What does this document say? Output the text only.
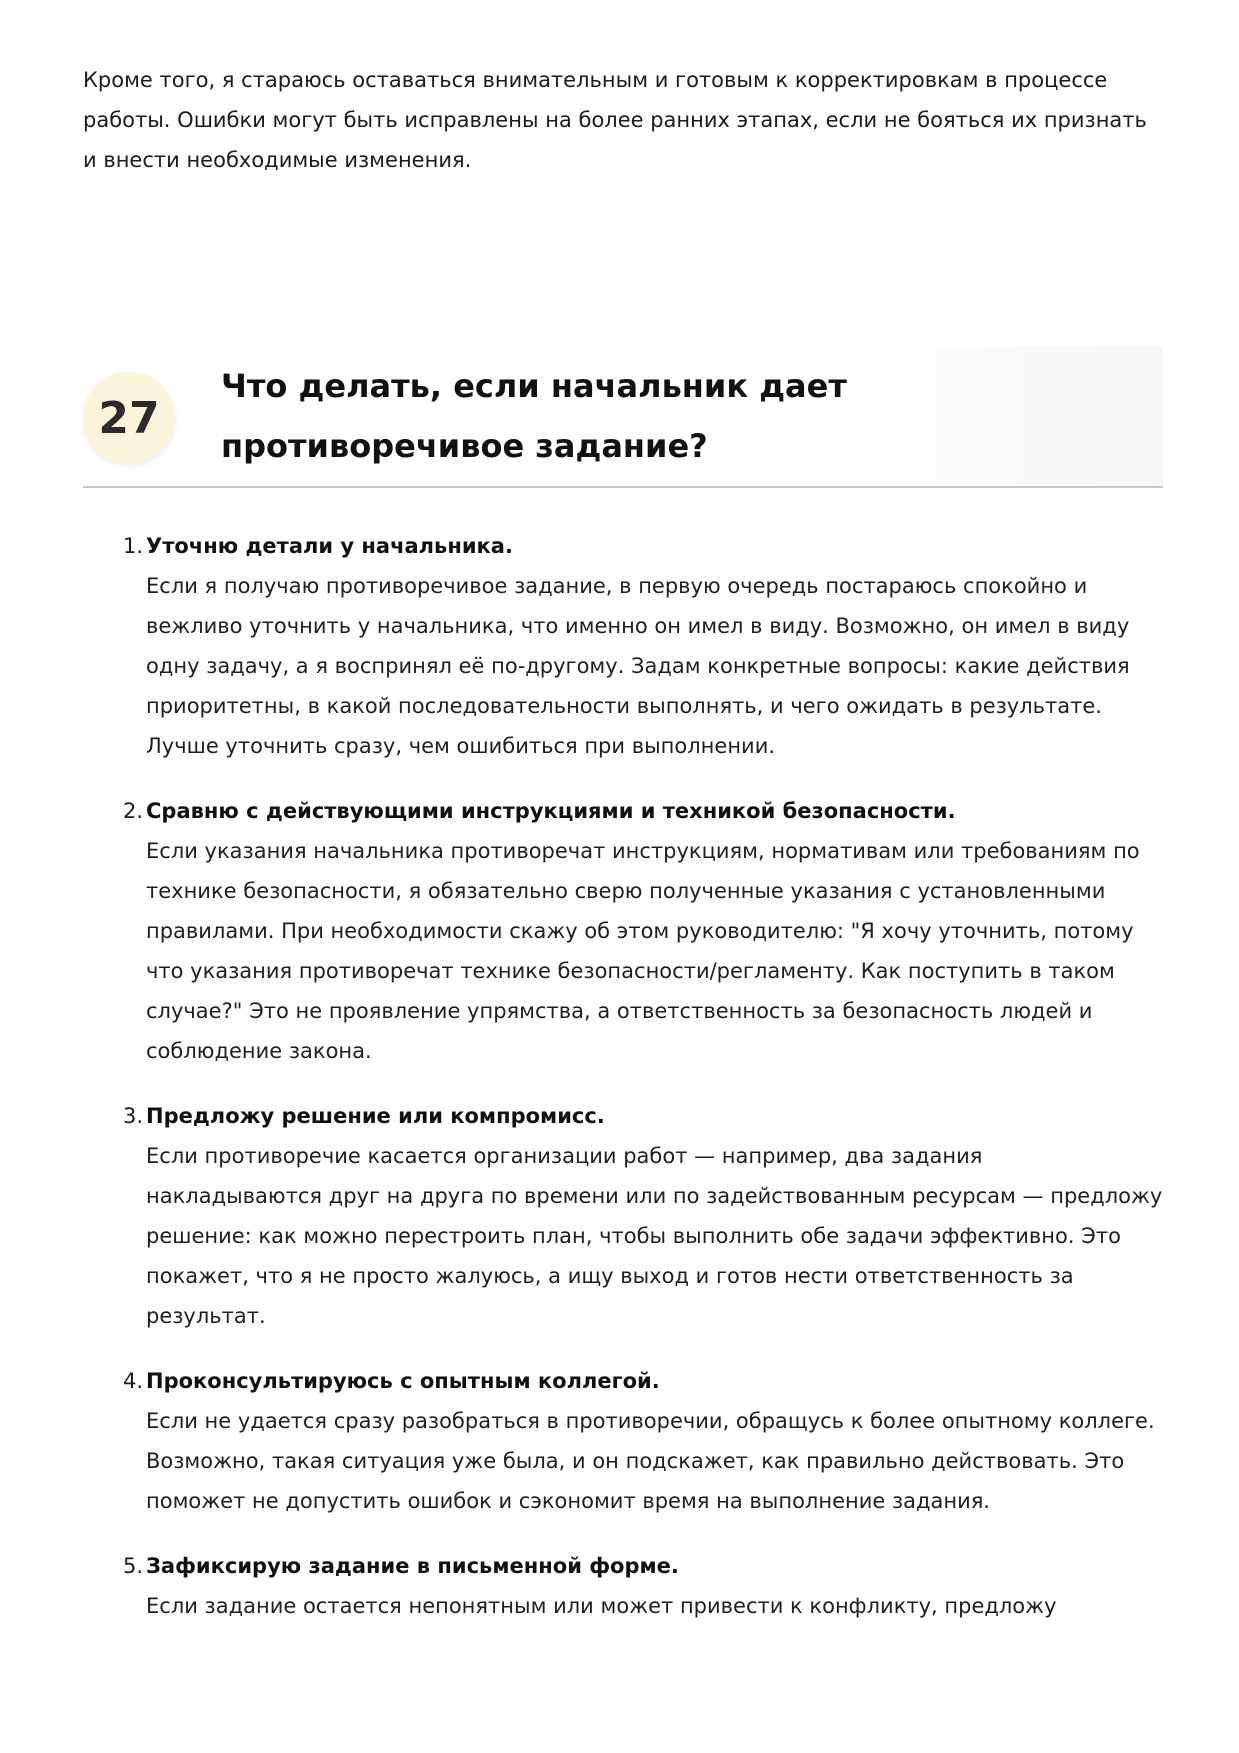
Кроме того, я стараюсь оставаться внимательным и готовым к корректировкам в процессе работы. Ошибки могут быть исправлены на более ранних этапах, если не бояться их признать и внести необходимые изменения.

27
Что делать, если начальник дает противоречивое задание?
1. Уточню детали у начальника.
Если я получаю противоречивое задание, в первую очередь постараюсь спокойно и вежливо уточнить у начальника, что именно он имел в виду. Возможно, он имел в виду одну задачу, а я воспринял её по-другому. Задам конкретные вопросы: какие действия приоритетны, в какой последовательности выполнять, и чего ожидать в результате. Лучше уточнить сразу, чем ошибиться при выполнении.
2. Сравню с действующими инструкциями и техникой безопасности.
Если указания начальника противоречат инструкциям, нормативам или требованиям по технике безопасности, я обязательно сверю полученные указания с установленными правилами. При необходимости скажу об этом руководителю: "Я хочу уточнить, потому что указания противоречат технике безопасности/регламенту. Как поступить в таком случае?" Это не проявление упрямства, а ответственность за безопасность людей и соблюдение закона.
3. Предложу решение или компромисс.
Если противоречие касается организации работ — например, два задания накладываются друг на друга по времени или по задействованным ресурсам — предложу решение: как можно перестроить план, чтобы выполнить обе задачи эффективно. Это покажет, что я не просто жалуюсь, а ищу выход и готов нести ответственность за результат.
4. Проконсультируюсь с опытным коллегой.
Если не удается сразу разобраться в противоречии, обращусь к более опытному коллеге. Возможно, такая ситуация уже была, и он подскажет, как правильно действовать. Это поможет не допустить ошибок и сэкономит время на выполнение задания.
5. Зафиксирую задание в письменной форме.
Если задание остается непонятным или может привести к конфликту, предложу
